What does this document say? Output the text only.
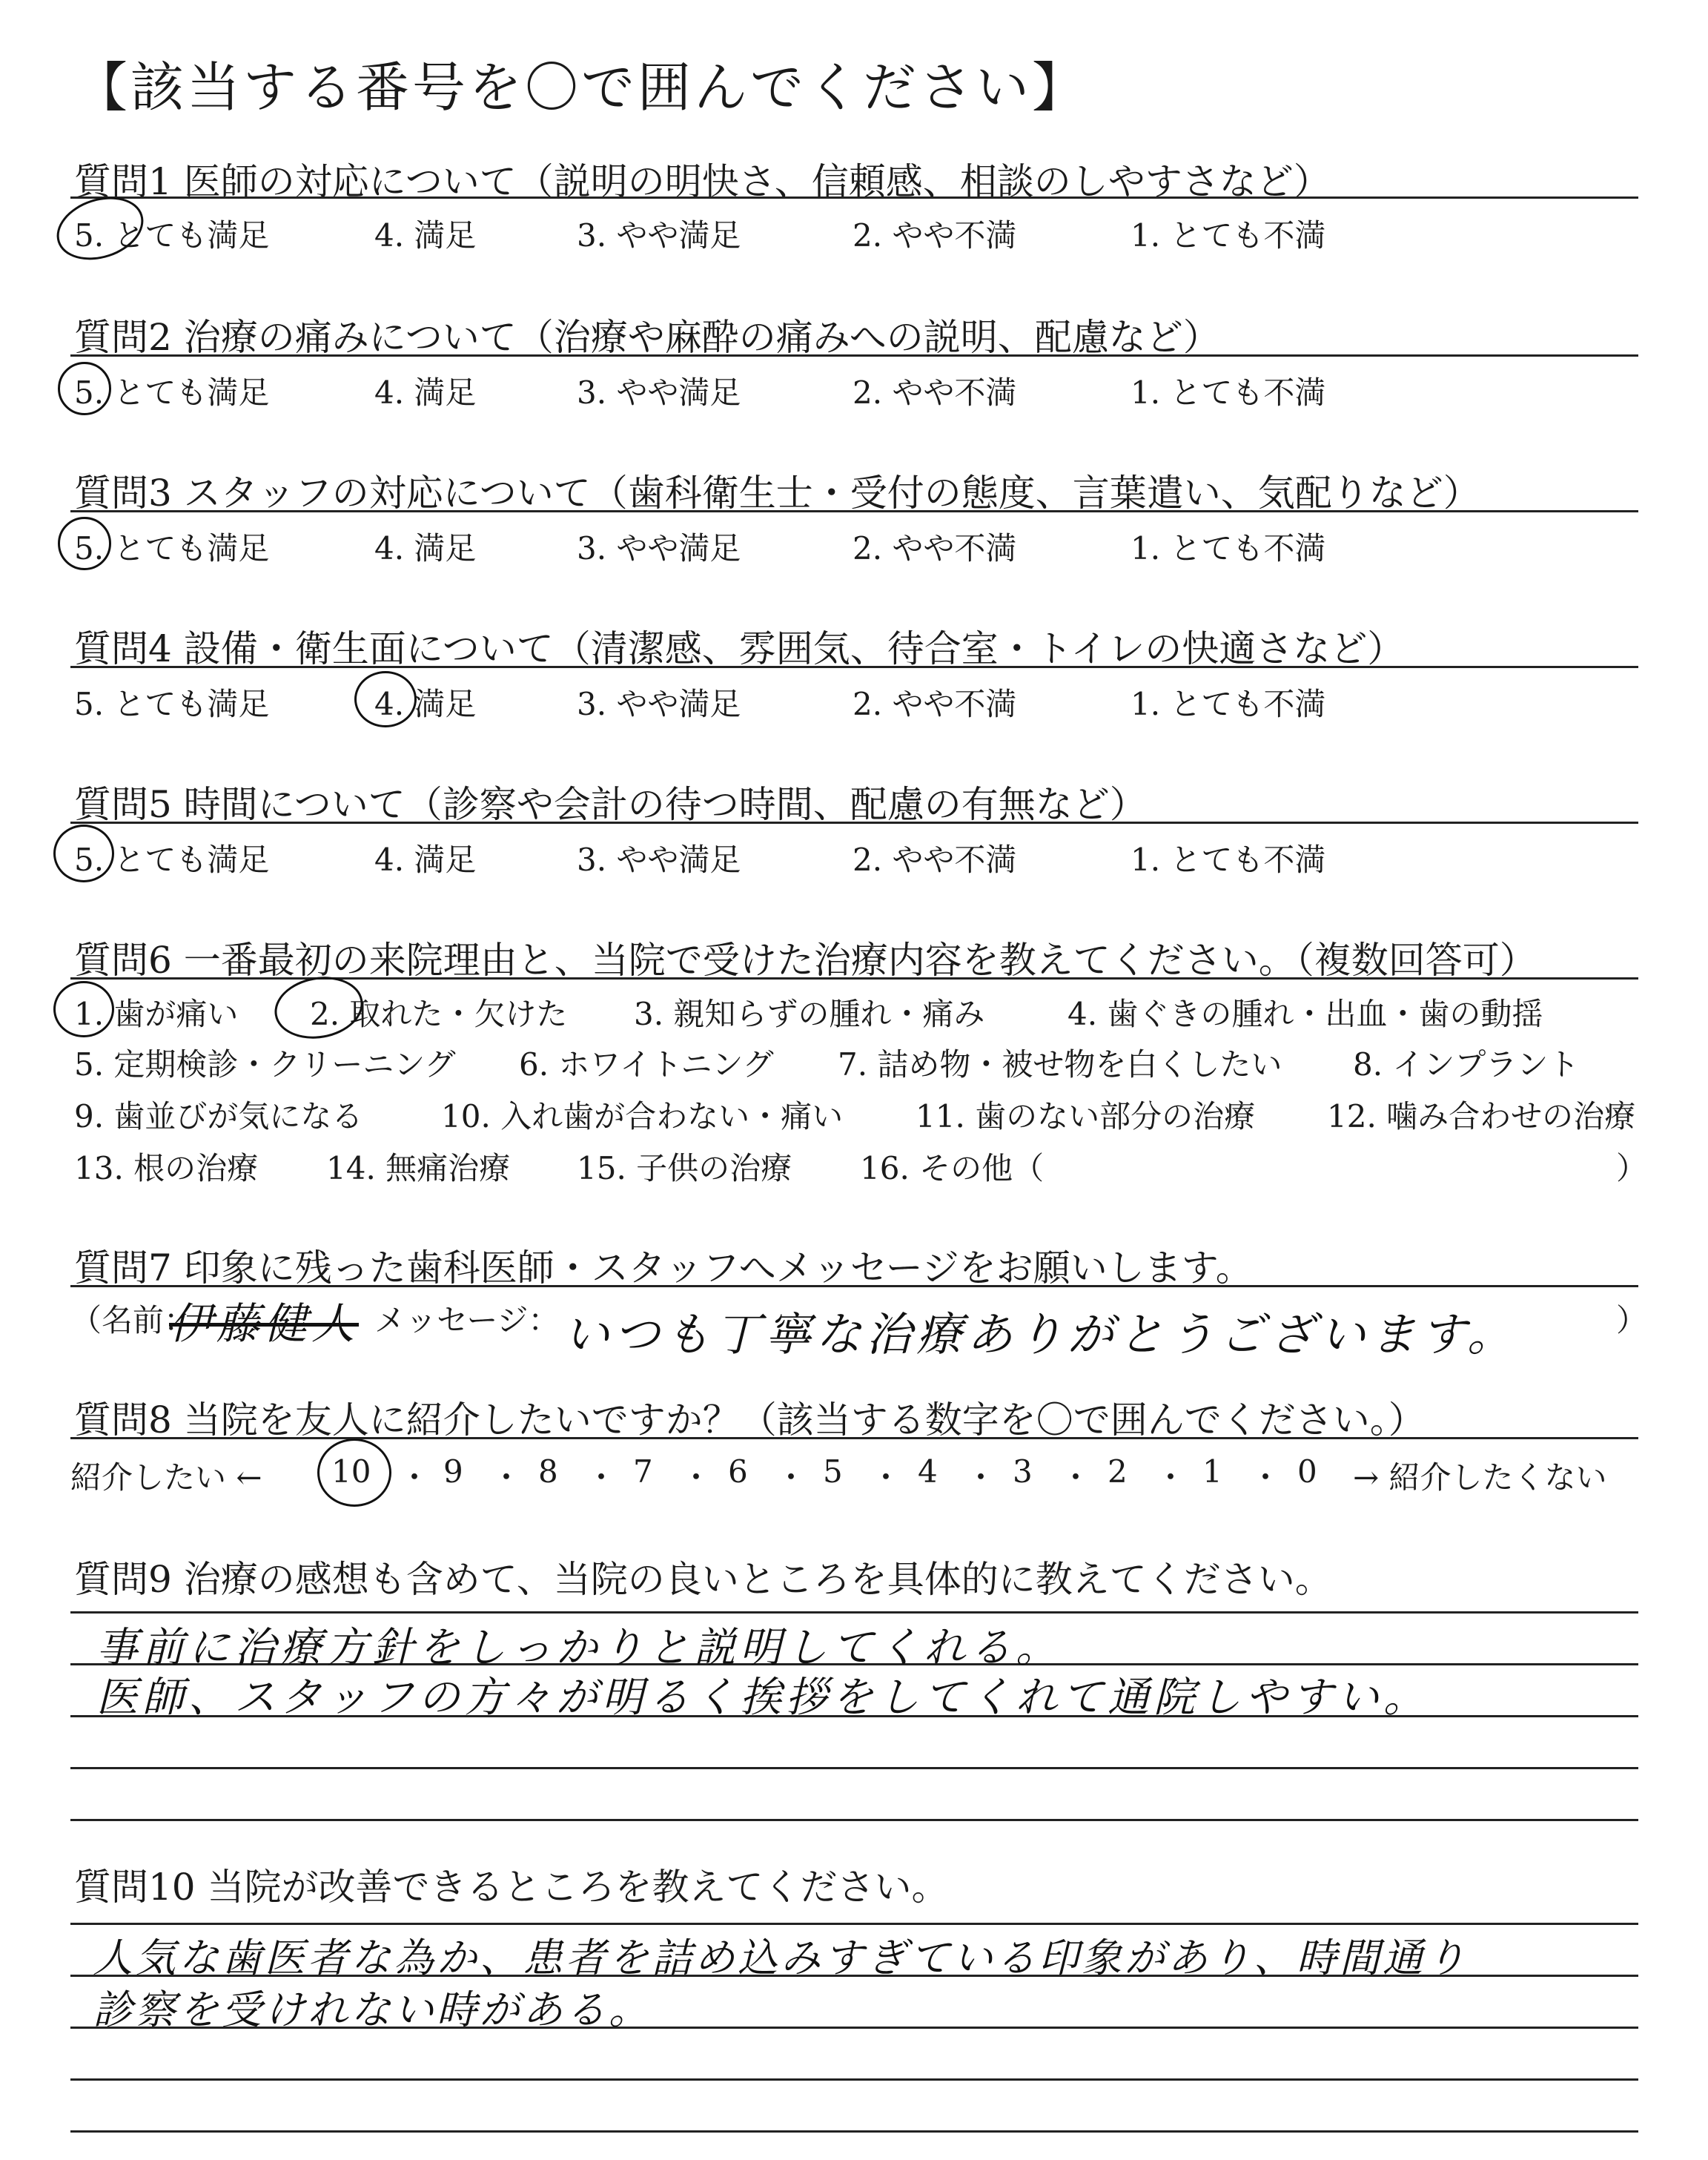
【該当する番号を〇で囲んでください】
質問1 医師の対応について（説明の明快さ、信頼感、相談のしやすさなど）
5. とても満足	4. 満足	3. やや満足	2. やや不満	1. とても不満
質問2 治療の痛みについて（治療や麻酔の痛みへの説明、配慮など）
5. とても満足	4. 満足	3. やや満足	2. やや不満	1. とても不満
質問3 スタッフの対応について（歯科衛生士・受付の態度、言葉遣い、気配りなど）
5. とても満足	4. 満足	3. やや満足	2. やや不満	1. とても不満
質問4 設備・衛生面について（清潔感、雰囲気、待合室・トイレの快適さなど）
5. とても満足	4. 満足	3. やや満足	2. やや不満	1. とても不満
質問5 時間について（診察や会計の待つ時間、配慮の有無など）
5. とても満足	4. 満足	3. やや満足	2. やや不満	1. とても不満
質問6 一番最初の来院理由と、当院で受けた治療内容を教えてください。（複数回答可）
1. 歯が痛い 2. 取れた・欠けた 3. 親知らずの腫れ・痛み	4. 歯ぐきの腫れ・出血・歯の動揺
5. 定期検診・クリーニング 6. ホワイトニング 7. 詰め物・被せ物を白くしたい 8. インプラント
9. 歯並びが気になる	10. 入れ歯が合わない・痛い 11. 歯のない部分の治療 12. 噛み合わせの治療
13. 根の治療 14. 無痛治療 15. 子供の治療 16. その他（	）
質問7 印象に残った歯科医師・スタッフへメッセージをお願いします。
（名前：
伊藤健人 メッセージ： いつも丁寧な治療ありがとうございます。	）
質問8 当院を友人に紹介したいですか？（該当する数字を〇で囲んでください。）
紹介したい ← 10 9 8 7 6 5 4 3 2 1 0
・ ・ ・ ・ ・ ・ ・ ・ ・ ・ → 紹介したくない
質問9 治療の感想も含めて、当院の良いところを具体的に教えてください。
事前に治療方針をしっかりと説明してくれる。
医師、スタッフの方々が明るく挨拶をしてくれて通院しやすい。
質問10 当院が改善できるところを教えてください。
人気な歯医者な為か、患者を詰め込みすぎている印象があり、時間通り
診察を受けれない時がある。
